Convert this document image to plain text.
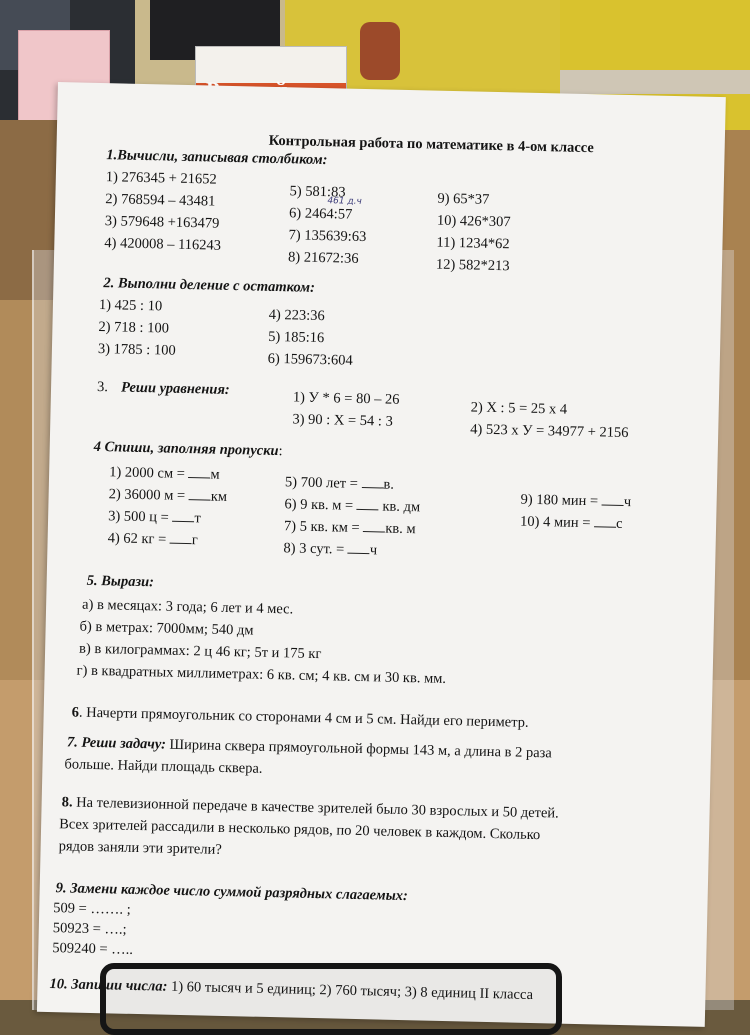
Контрольная работа по математике в 4-ом классе
1.Вычисли, записывая столбиком:
1) 276345 + 21652
2) 768594 – 43481
3) 579648 +163479
4) 420008 – 116243
5) 581:83
6) 2464:57
461 д.ч
7) 135639:63
8) 21672:36
9) 65*37
10) 426*307
11) 1234*62
12) 582*213
2. Выполни деление с остатком:
1) 425 : 10
2) 718 : 100
3) 1785 : 100
4) 223:36
5) 185:16
6) 159673:604
3. Реши уравнения:
1) У * 6 = 80 – 26
3) 90 : Х = 54 : 3
2) Х : 5 = 25 х 4
4) 523 х У = 34977 + 2156
4 Спиши, заполняя пропуски:
1) 2000 см = м
2) 36000 м = км
3) 500 ц = т
4) 62 кг = г
5) 700 лет = в.
6) 9 кв. м =  кв. дм
7) 5 кв. км = кв. м
8) 3 сут. = ч
9) 180 мин = ч
10) 4 мин = с
5. Вырази:
а) в месяцах: 3 года; 6 лет и 4 мес.
б) в метрах: 7000мм; 540 дм
в) в килограммах: 2 ц 46 кг; 5т и 175 кг
г) в квадратных миллиметрах: 6 кв. см; 4 кв. см и 30 кв. мм.
6. Начерти прямоугольник со сторонами 4 см и 5 см. Найди его периметр.
7. Реши задачу: Ширина сквера прямоугольной формы 143 м, а длина в 2 раза
больше. Найди площадь сквера.
8. На телевизионной передаче в качестве зрителей было 30 взрослых и 50 детей.
Всех зрителей рассадили в несколько рядов, по 20 человек в каждом. Сколько
рядов заняли эти зрители?
9. Замени каждое число суммой разрядных слагаемых:
509 = ……. ;
50923 = ….;
509240 = …..
10. Запиши числа: 1) 60 тысяч и 5 единиц; 2) 760 тысяч; 3) 8 единиц II класса
